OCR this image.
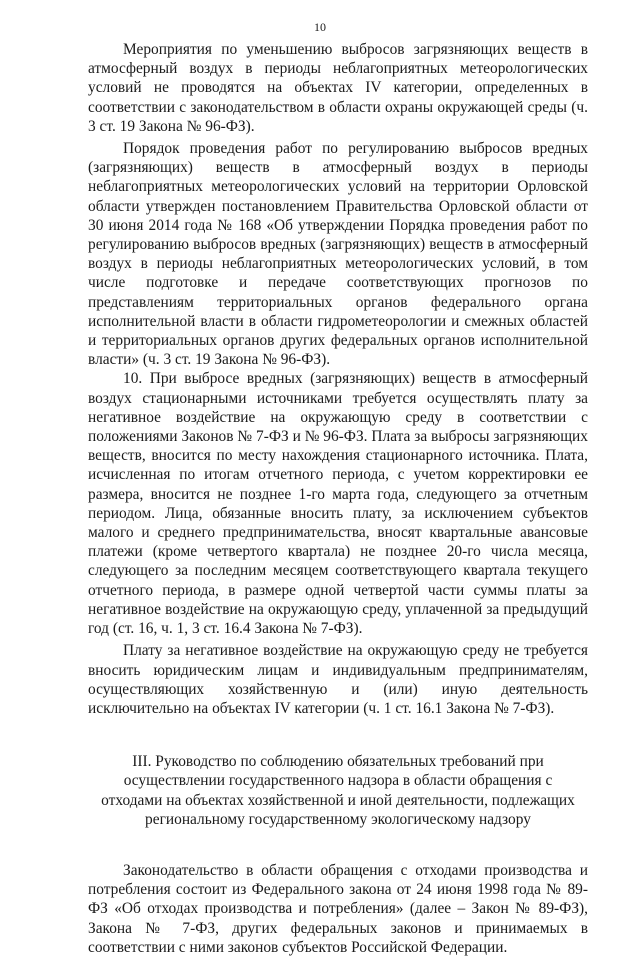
10

Мероприятия по уменьшению выбросов загрязняющих веществ в атмосферный воздух в периоды неблагоприятных метеорологических условий не проводятся на объектах IV категории, определенных в соответствии с законодательством в области охраны окружающей среды (ч. 3 ст. 19 Закона № 96-ФЗ).

Порядок проведения работ по регулированию выбросов вредных (загрязняющих) веществ в атмосферный воздух в периоды неблагоприятных метеорологических условий на территории Орловской области утвержден постановлением Правительства Орловской области от 30 июня 2014 года № 168 «Об утверждении Порядка проведения работ по регулированию выбросов вредных (загрязняющих) веществ в атмосферный воздух в периоды неблагоприятных метеорологических условий, в том числе подготовке и передаче соответствующих прогнозов по представлениям территориальных органов федерального органа исполнительной власти в области гидрометеорологии и смежных областей и территориальных органов других федеральных органов исполнительной власти» (ч. 3 ст. 19 Закона № 96-ФЗ).

10. При выбросе вредных (загрязняющих) веществ в атмосферный воздух стационарными источниками требуется осуществлять плату за негативное воздействие на окружающую среду в соответствии с положениями Законов № 7-ФЗ и № 96-ФЗ. Плата за выбросы загрязняющих веществ, вносится по месту нахождения стационарного источника. Плата, исчисленная по итогам отчетного периода, с учетом корректировки ее размера, вносится не позднее 1-го марта года, следующего за отчетным периодом. Лица, обязанные вносить плату, за исключением субъектов малого и среднего предпринимательства, вносят квартальные авансовые платежи (кроме четвертого квартала) не позднее 20-го числа месяца, следующего за последним месяцем соответствующего квартала текущего отчетного периода, в размере одной четвертой части суммы платы за негативное воздействие на окружающую среду, уплаченной за предыдущий год (ст. 16, ч. 1, 3 ст. 16.4 Закона № 7-ФЗ).

Плату за негативное воздействие на окружающую среду не требуется вносить юридическим лицам и индивидуальным предпринимателям, осуществляющих хозяйственную и (или) иную деятельность исключительно на объектах IV категории (ч. 1 ст. 16.1 Закона № 7-ФЗ).

III. Руководство по соблюдению обязательных требований при осуществлении государственного надзора в области обращения с отходами на объектах хозяйственной и иной деятельности, подлежащих региональному государственному экологическому надзору

Законодательство в области обращения с отходами производства и потребления состоит из Федерального закона от 24 июня 1998 года № 89-ФЗ «Об отходах производства и потребления» (далее – Закон № 89-ФЗ), Закона № 7-ФЗ, других федеральных законов и принимаемых в соответствии с ними законов субъектов Российской Федерации.
